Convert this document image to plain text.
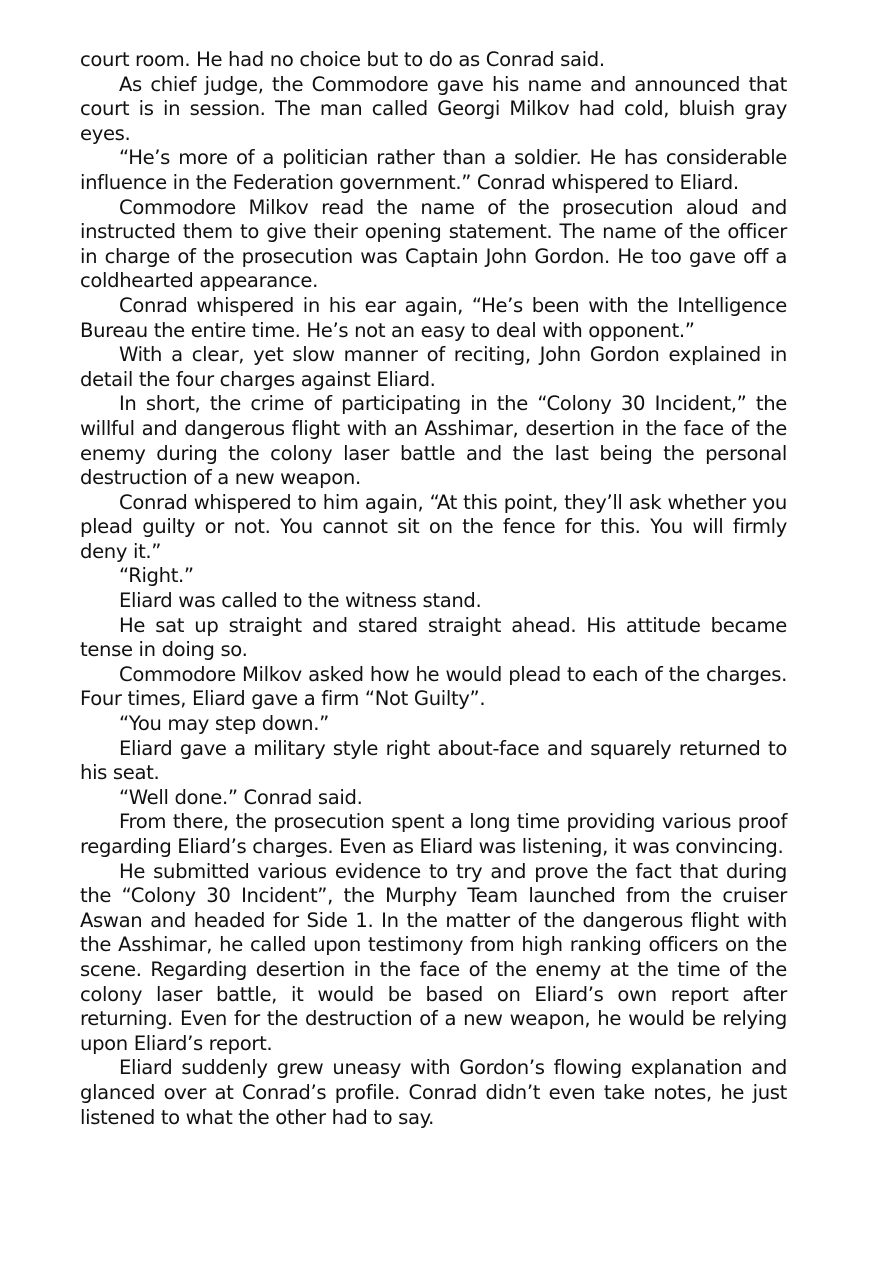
court room. He had no choice but to do as Conrad said.

As chief judge, the Commodore gave his name and announced that court is in session. The man called Georgi Milkov had cold, bluish gray eyes.

“He’s more of a politician rather than a soldier. He has considerable influence in the Federation government.” Conrad whispered to Eliard.

Commodore Milkov read the name of the prosecution aloud and instructed them to give their opening statement. The name of the officer in charge of the prosecution was Captain John Gordon. He too gave off a coldhearted appearance.

Conrad whispered in his ear again, “He’s been with the Intelligence Bureau the entire time. He’s not an easy to deal with opponent.”

With a clear, yet slow manner of reciting, John Gordon explained in detail the four charges against Eliard.

In short, the crime of participating in the “Colony 30 Incident,” the willful and dangerous flight with an Asshimar, desertion in the face of the enemy during the colony laser battle and the last being the personal destruction of a new weapon.

Conrad whispered to him again, “At this point, they’ll ask whether you plead guilty or not. You cannot sit on the fence for this. You will firmly deny it.”

“Right.”

Eliard was called to the witness stand.

He sat up straight and stared straight ahead. His attitude became tense in doing so.

Commodore Milkov asked how he would plead to each of the charges. Four times, Eliard gave a firm “Not Guilty”.

“You may step down.”

Eliard gave a military style right about-face and squarely returned to his seat.

“Well done.” Conrad said.

From there, the prosecution spent a long time providing various proof regarding Eliard’s charges. Even as Eliard was listening, it was convincing.

He submitted various evidence to try and prove the fact that during the “Colony 30 Incident”, the Murphy Team launched from the cruiser Aswan and headed for Side 1. In the matter of the dangerous flight with the Asshimar, he called upon testimony from high ranking officers on the scene. Regarding desertion in the face of the enemy at the time of the colony laser battle, it would be based on Eliard’s own report after returning. Even for the destruction of a new weapon, he would be relying upon Eliard’s report.

Eliard suddenly grew uneasy with Gordon’s flowing explanation and glanced over at Conrad’s profile. Conrad didn’t even take notes, he just listened to what the other had to say.
